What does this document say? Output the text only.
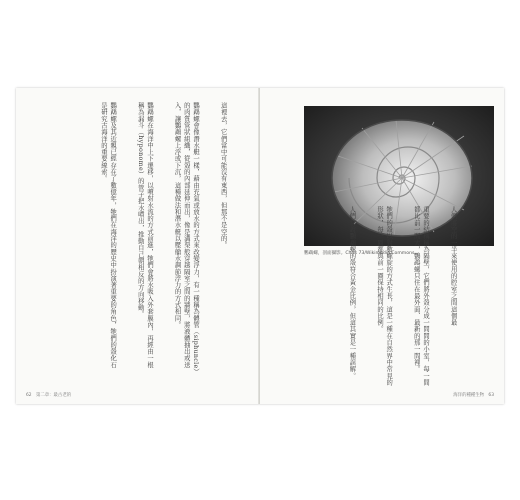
這裡去，它們當中可能沒有東西，但那不是空的。

鸚鵡螺會像潛水艇一樣，藉由充氣或放水的方式來改變浮力，有一種稱為體管（siphuncle）的肉質管狀組織，從殼的內部延伸而出，像是溝渠般穿越隔室之間的牆壁，將液體抽出或送入，讓鸚鵡螺上浮或下沉，這種做法和潛水艇以壓艙水調節浮力的方式相同。

鸚鵡螺在海洋中上下遷移，以噴射水流的方式前進，牠們會將水吸入外套膜內，再經由一根稱為漏斗（hyponome）的管子把水噴出，推動自己朝相反的方向移動。

鸚鵡螺及其近親已經存在了數億年，牠們在海洋的歷史中扮演著重要的角色，牠們的殼化石是研究古海洋的重要線索。

62　第二章：最古老的
鸚鵡螺，剖面攝影。Chris 73/Wikimedia Commons。

	人們將空的一半來使用的腔室之間這個最

重要的結構稱為隔壁，它們將外殼分成一間間的小室，每一間都比前一間大，鸚鵡螺只住在最外面、最新的那一間裡。

牠們的殼以對數螺旋的方式生長，這是一種在自然界中常見的形狀，每一圈都與前一圈保持相同的比例。

人們常說鸚鵡螺的殼符合黃金比例，但這其實是一種誤解。

海洋的種種生物　63
